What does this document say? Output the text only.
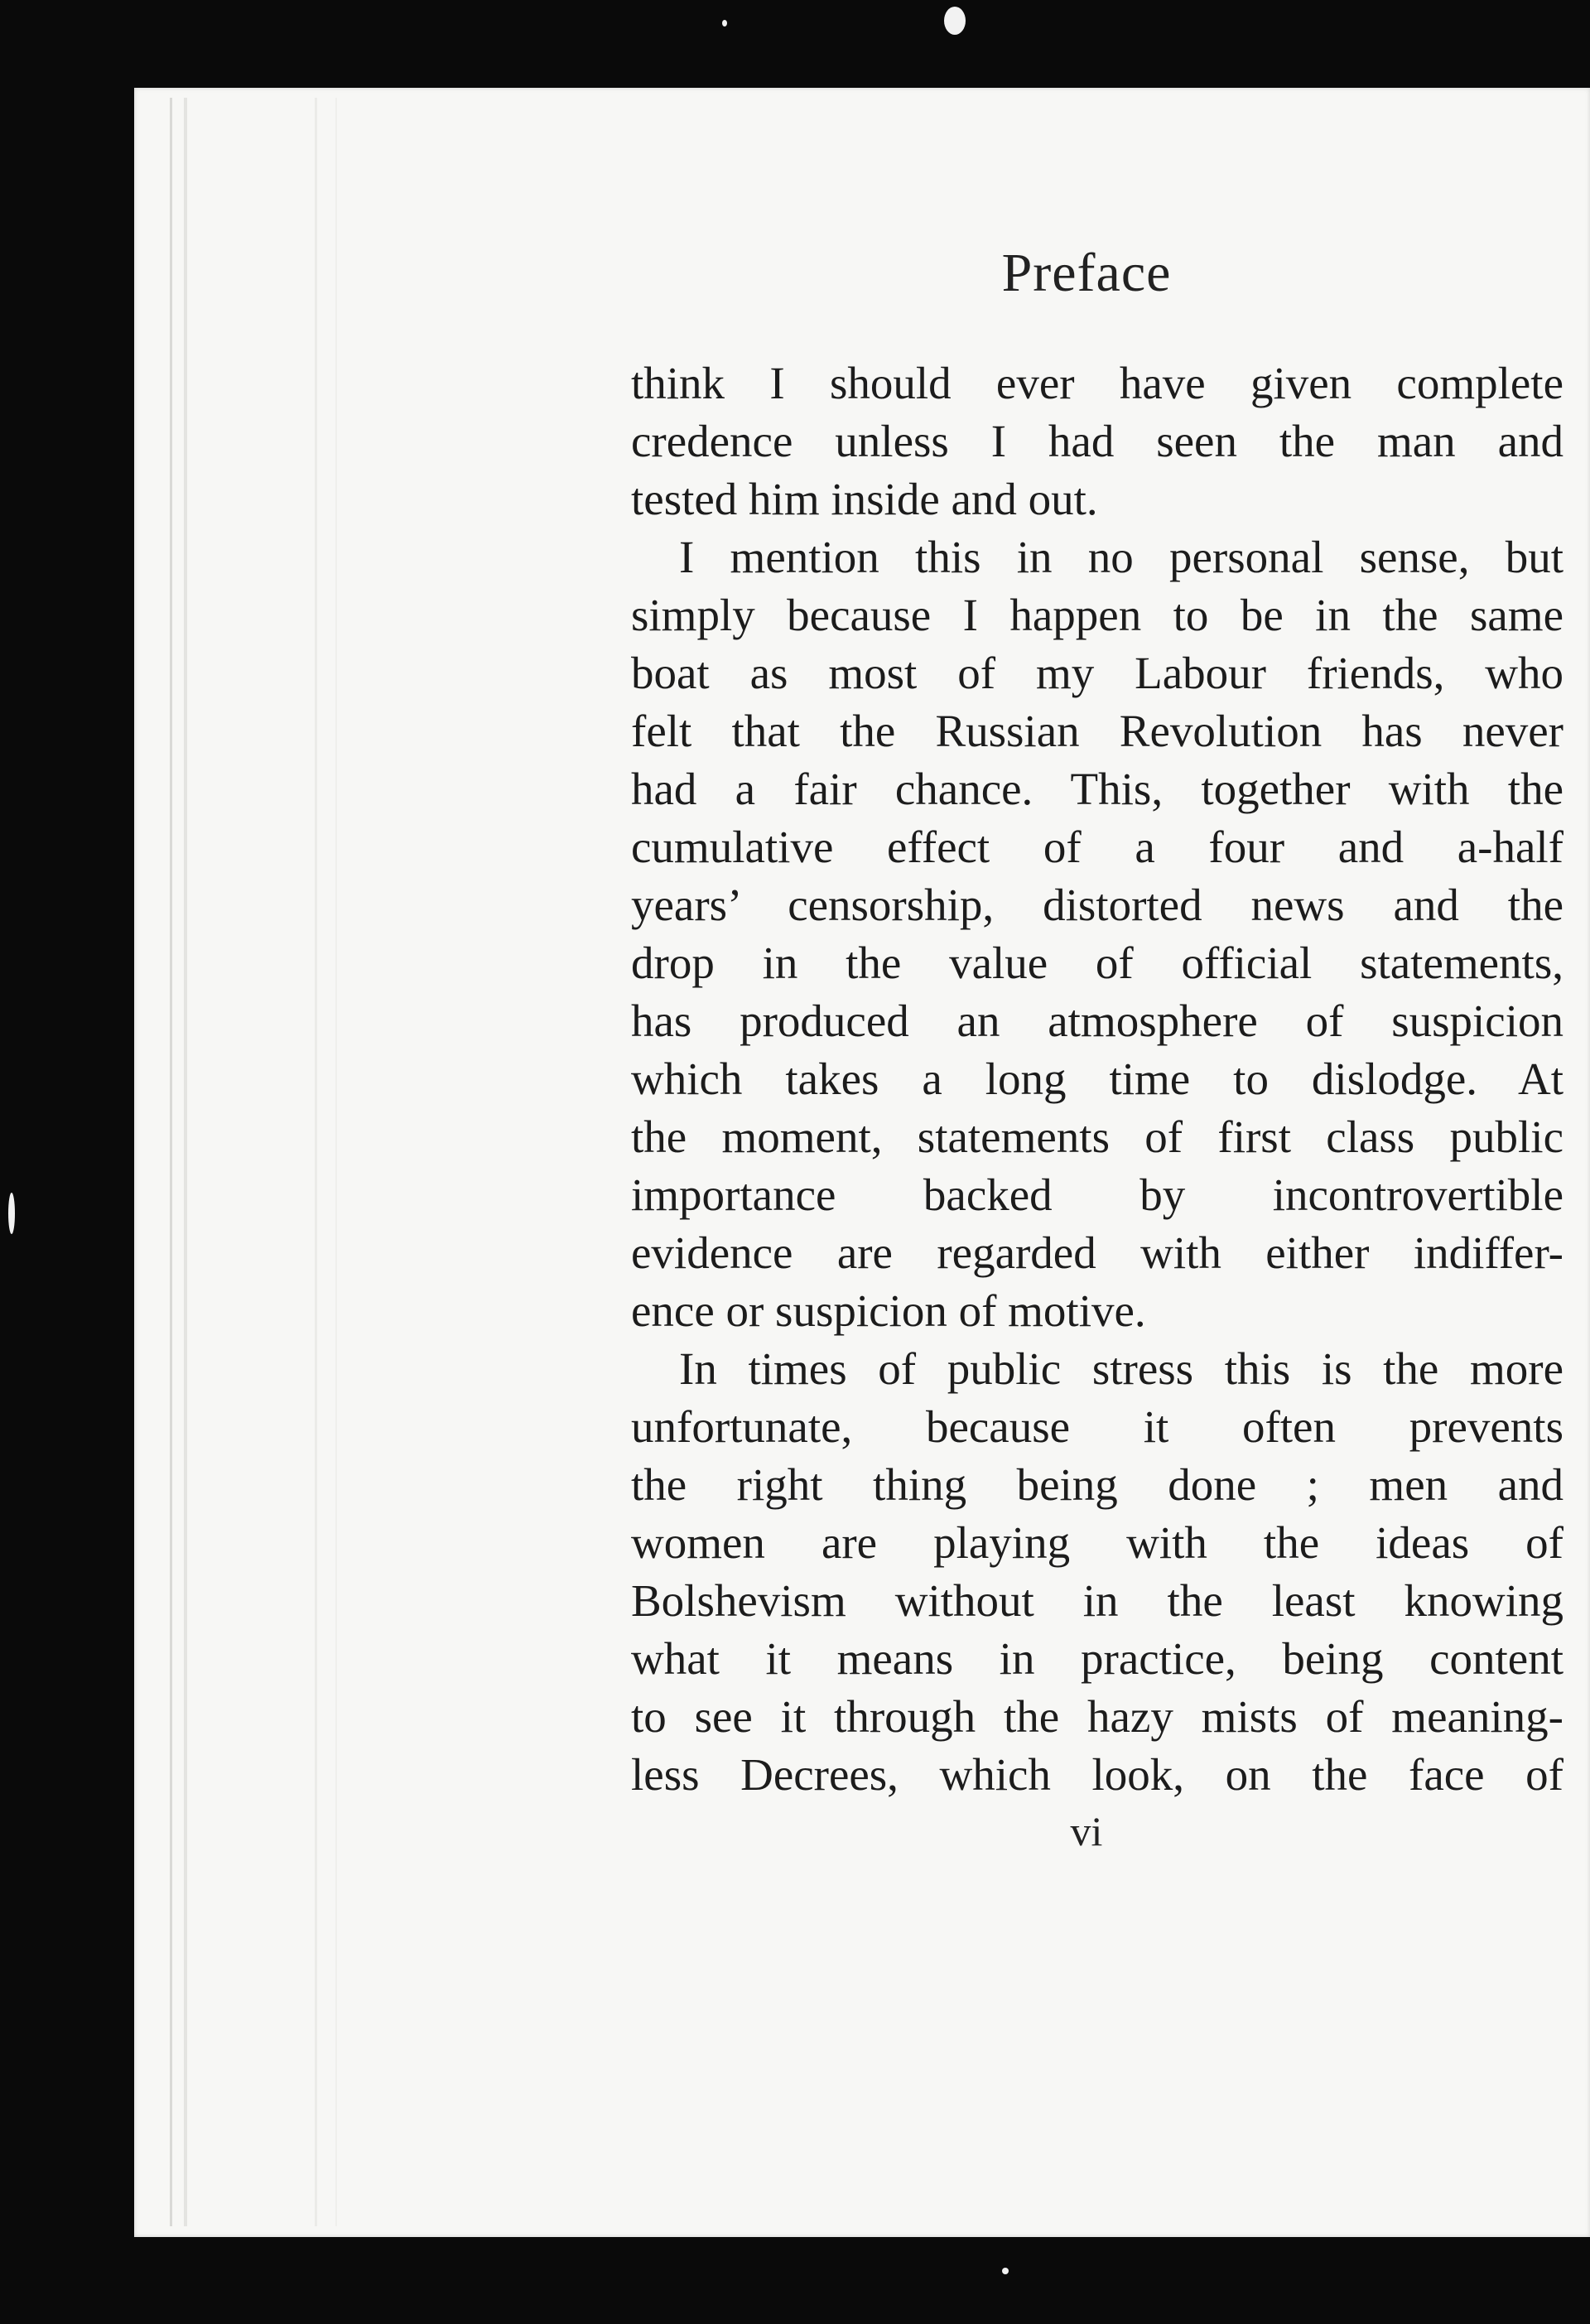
Preface
think I should ever have given complete
credence unless I had seen the man and
tested him inside and out.
I mention this in no personal sense, but
simply because I happen to be in the same
boat as most of my Labour friends, who
felt that the Russian Revolution has never
had a fair chance. This, together with the
cumulative effect of a four and a-half
years’ censorship, distorted news and the
drop in the value of official statements,
has produced an atmosphere of suspicion
which takes a long time to dislodge. At
the moment, statements of first class public
importance backed by incontrovertible
evidence are regarded with either indiffer-
ence or suspicion of motive.
In times of public stress this is the more
unfortunate, because it often prevents
the right thing being done ; men and
women are playing with the ideas of
Bolshevism without in the least knowing
what it means in practice, being content
to see it through the hazy mists of meaning-
less Decrees, which look, on the face of
vi
